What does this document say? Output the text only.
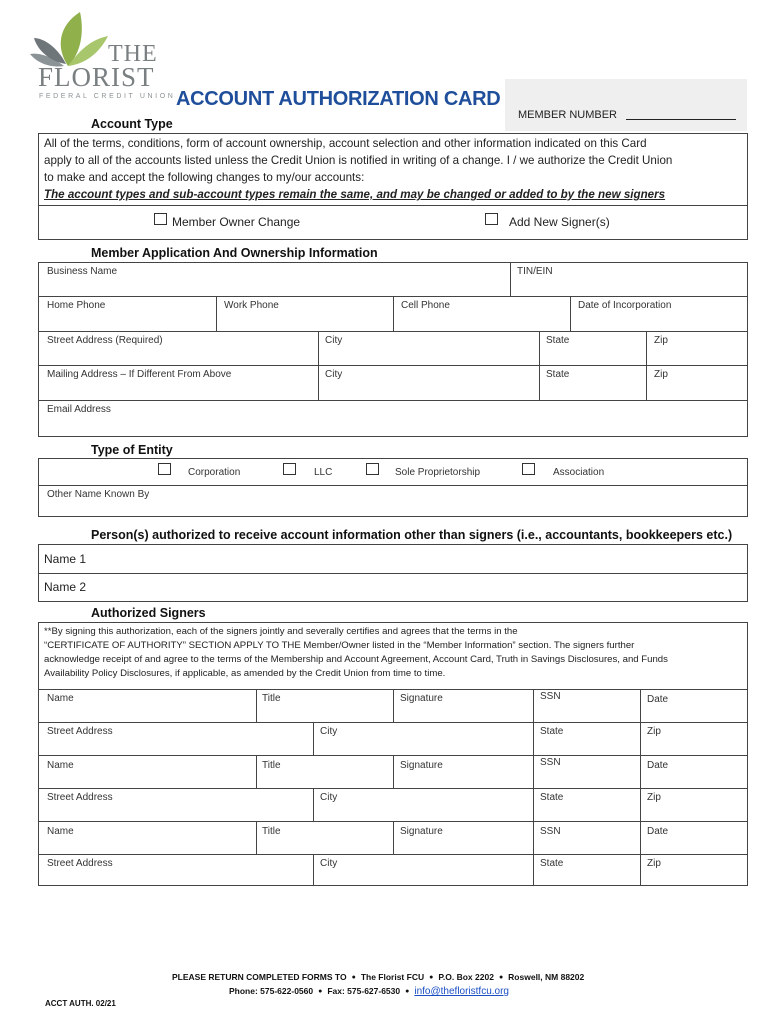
THE
FLORIST
FEDERAL CREDIT UNION ACCOUNT AUTHORIZATION CARD
MEMBER NUMBER
Account Type
All of the terms, conditions, form of account ownership, account selection and other information indicated on this Card
apply to all of the accounts listed unless the Credit Union is notified in writing of a change. I / we authorize the Credit Union
to make and accept the following changes to my/our accounts:
The account types and sub-account types remain the same, and may be changed or added to by the new signers
Member Owner Change	Add New Signer(s)
Member Application And Ownership Information
Business Name	TIN/EIN
Home Phone	Work Phone	Cell Phone	Date of Incorporation
Street Address (Required)	City	State	Zip
Mailing Address – If Different From Above	City	State	Zip
Email Address
Type of Entity
Corporation	LLC	Sole Proprietorship	Association
Other Name Known By
Person(s) authorized to receive account information other than signers (i.e., accountants, bookkeepers etc.)
Name 1
Name 2
Authorized Signers
**By signing this authorization, each of the signers jointly and severally certifies and agrees that the terms in the
“CERTIFICATE OF AUTHORITY” SECTION APPLY TO THE Member/Owner listed in the “Member Information” section. The signers further
acknowledge receipt of and agree to the terms of the Membership and Account Agreement, Account Card, Truth in Savings Disclosures, and Funds
Availability Policy Disclosures, if applicable, as amended by the Credit Union from time to time.
Name	Title	Signature	SSN	Date
Street Address	City	State	Zip
Name	Title	Signature	SSN	Date
Street Address	City	State	Zip
Name	Title	Signature	SSN	Date
Street Address	City	State	Zip
PLEASE RETURN COMPLETED FORMS TO ● The Florist FCU ● P.O. Box 2202 ● Roswell, NM 88202
Phone: 575-622-0560 ● Fax: 575-627-6530 ● info@thefloristfcu.org
ACCT AUTH. 02/21
